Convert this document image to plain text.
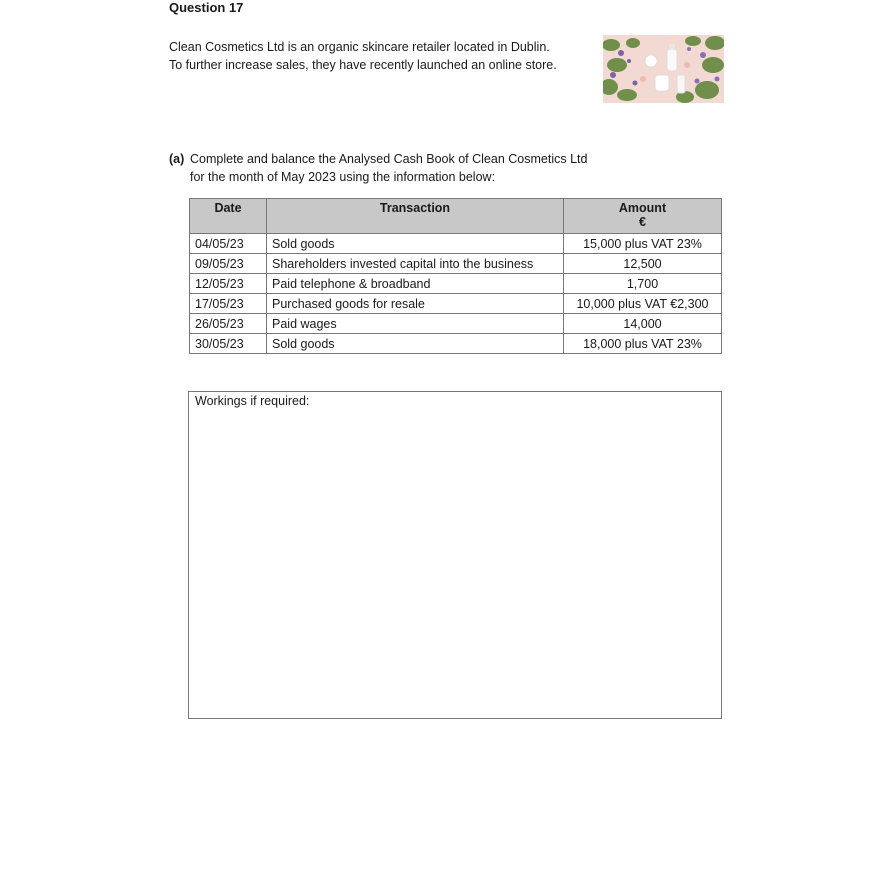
Question 17
Clean Cosmetics Ltd is an organic skincare retailer located in Dublin.
To further increase sales, they have recently launched an online store.
(a) Complete and balance the Analysed Cash Book of Clean Cosmetics Ltd
for the month of May 2023 using the information below:
Date	Transaction	Amount
€

04/05/23	Sold goods	15,000 plus VAT 23%
09/05/23	Shareholders invested capital into the business	12,500
12/05/23	Paid telephone & broadband	1,700
17/05/23	Purchased goods for resale	10,000 plus VAT €2,300
26/05/23	Paid wages	14,000
30/05/23	Sold goods	18,000 plus VAT 23%
Workings if required:
